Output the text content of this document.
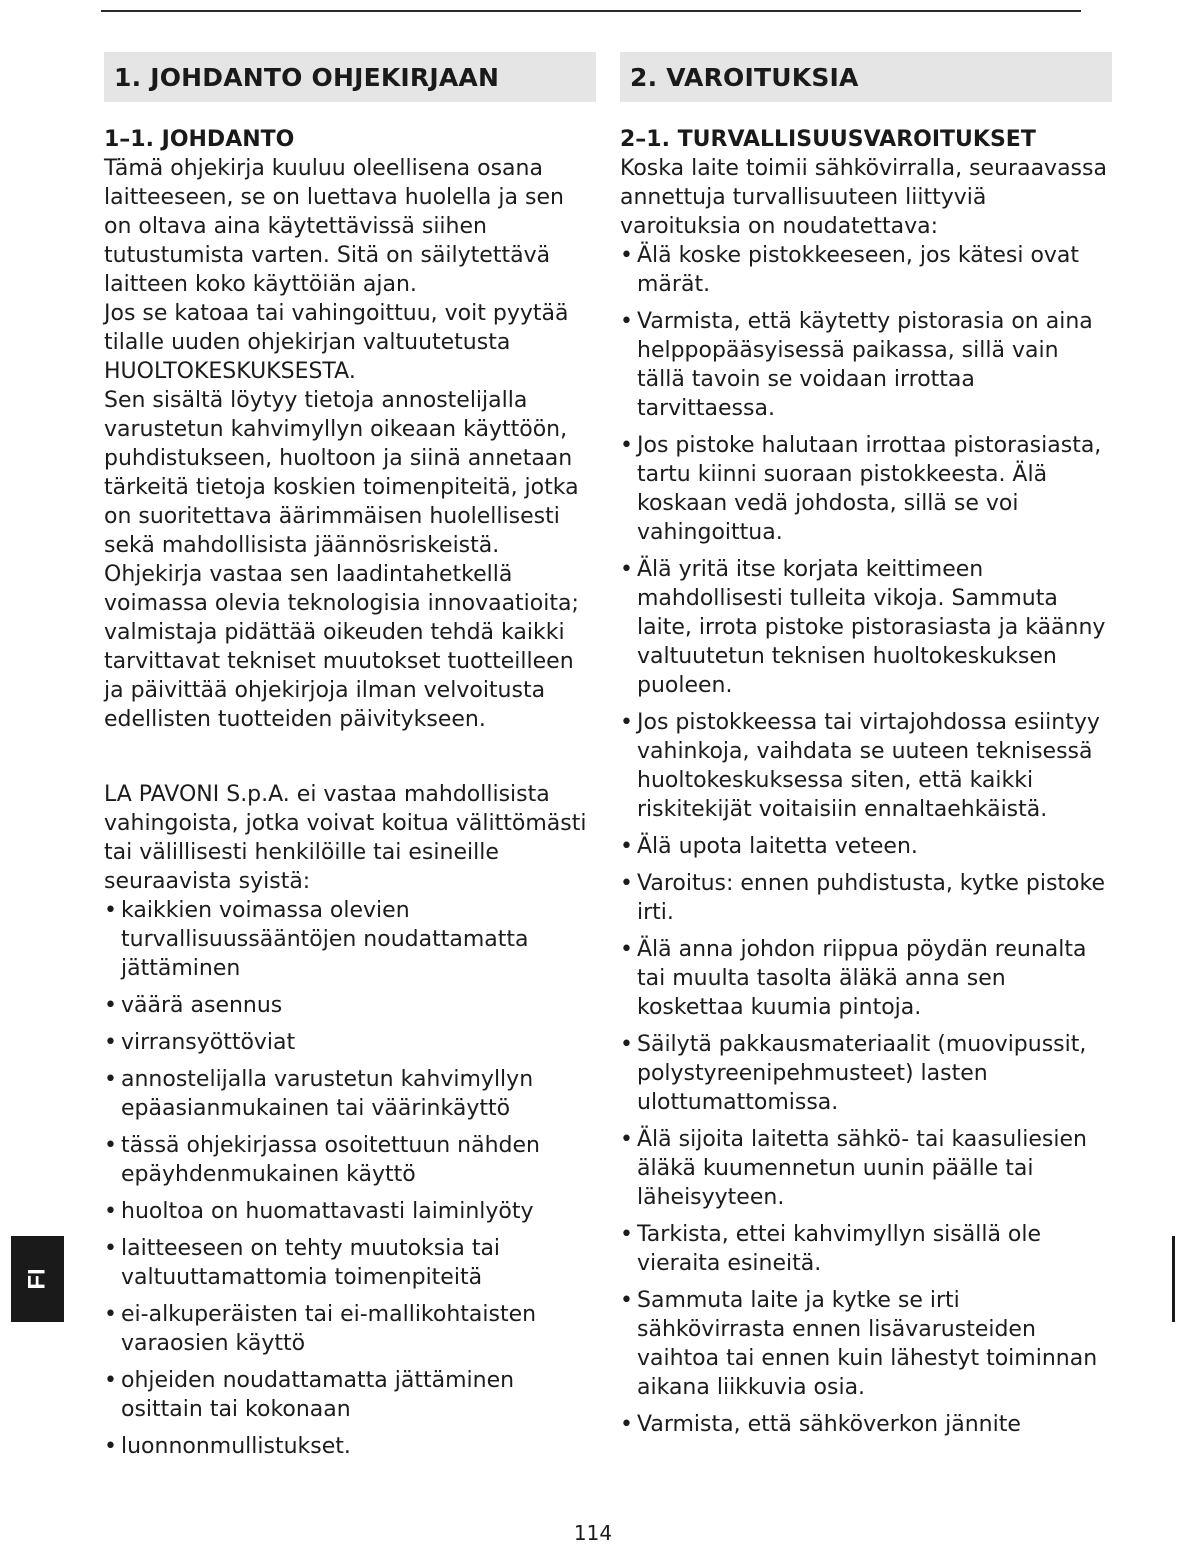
1. JOHDANTO OHJEKIRJAAN
1–1. JOHDANTO

Tämä ohjekirja kuuluu oleellisena osana laitteeseen, se on luettava huolella ja sen on oltava aina käytettävissä siihen tutustumista varten. Sitä on säilytettävä laitteen koko käyttöiän ajan.

Jos se katoaa tai vahingoittuu, voit pyytää tilalle uuden ohjekirjan valtuutetusta HUOLTOKESKUKSESTA.

Sen sisältä löytyy tietoja annostelijalla varustetun kahvimyllyn oikeaan käyttöön, puhdistukseen, huoltoon ja siinä annetaan tärkeitä tietoja koskien toimenpiteitä, jotka on suoritettava äärimmäisen huolellisesti sekä mahdollisista jäännösriskeistä.

Ohjekirja vastaa sen laadintahetkellä voimassa olevia teknologisia innovaatioita; valmistaja pidättää oikeuden tehdä kaikki tarvittavat tekniset muutokset tuotteilleen ja päivittää ohjekirjoja ilman velvoitusta edellisten tuotteiden päivitykseen.

LA PAVONI S.p.A. ei vastaa mahdollisista vahingoista, jotka voivat koitua välittömästi tai välillisesti henkilöille tai esineille seuraavista syistä:

• kaikkien voimassa olevien turvallisuussääntöjen noudattamatta jättäminen
• väärä asennus
• virransyöttöviat
• annostelijalla varustetun kahvimyllyn epäasianmukainen tai väärinkäyttö
• tässä ohjekirjassa osoitettuun nähden epäyhdenmukainen käyttö
• huoltoa on huomattavasti laiminlyöty
• laitteeseen on tehty muutoksia tai valtuuttamattomia toimenpiteitä
• ei-alkuperäisten tai ei-mallikohtaisten varaosien käyttö
• ohjeiden noudattamatta jättäminen osittain tai kokonaan
• luonnonmullistukset.
2. VAROITUKSIA
2–1. TURVALLISUUSVAROITUKSET

Koska laite toimii sähkövirralla, seuraavassa annettuja turvallisuuteen liittyviä varoituksia on noudatettava:

• Älä koske pistokkeeseen, jos kätesi ovat märät.
• Varmista, että käytetty pistorasia on aina helppopääsyisessä paikassa, sillä vain tällä tavoin se voidaan irrottaa tarvittaessa.
• Jos pistoke halutaan irrottaa pistorasiasta, tartu kiinni suoraan pistokkeesta. Älä koskaan vedä johdosta, sillä se voi vahingoittua.
• Älä yritä itse korjata keittimeen mahdollisesti tulleita vikoja. Sammuta laite, irrota pistoke pistorasiasta ja käänny valtuutetun teknisen huoltokeskuksen puoleen.
• Jos pistokkeessa tai virtajohdossa esiintyy vahinkoja, vaihdata se uuteen teknisessä huoltokeskuksessa siten, että kaikki riskitekijät voitaisiin ennaltaehkäistä.
• Älä upota laitetta veteen.
• Varoitus: ennen puhdistusta, kytke pistoke irti.
• Älä anna johdon riippua pöydän reunalta tai muulta tasolta äläkä anna sen koskettaa kuumia pintoja.
• Säilytä pakkausmateriaalit (muovipussit, polystyreenipehmusteet) lasten ulottumattomissa.
• Älä sijoita laitetta sähkö- tai kaasuliesien äläkä kuumennetun uunin päälle tai läheisyyteen.
• Tarkista, ettei kahvimyllyn sisällä ole vieraita esineitä.
• Sammuta laite ja kytke se irti sähkövirrasta ennen lisävarusteiden vaihtoa tai ennen kuin lähestyt toiminnan aikana liikkuvia osia.
• Varmista, että sähköverkon jännite
FI
114
